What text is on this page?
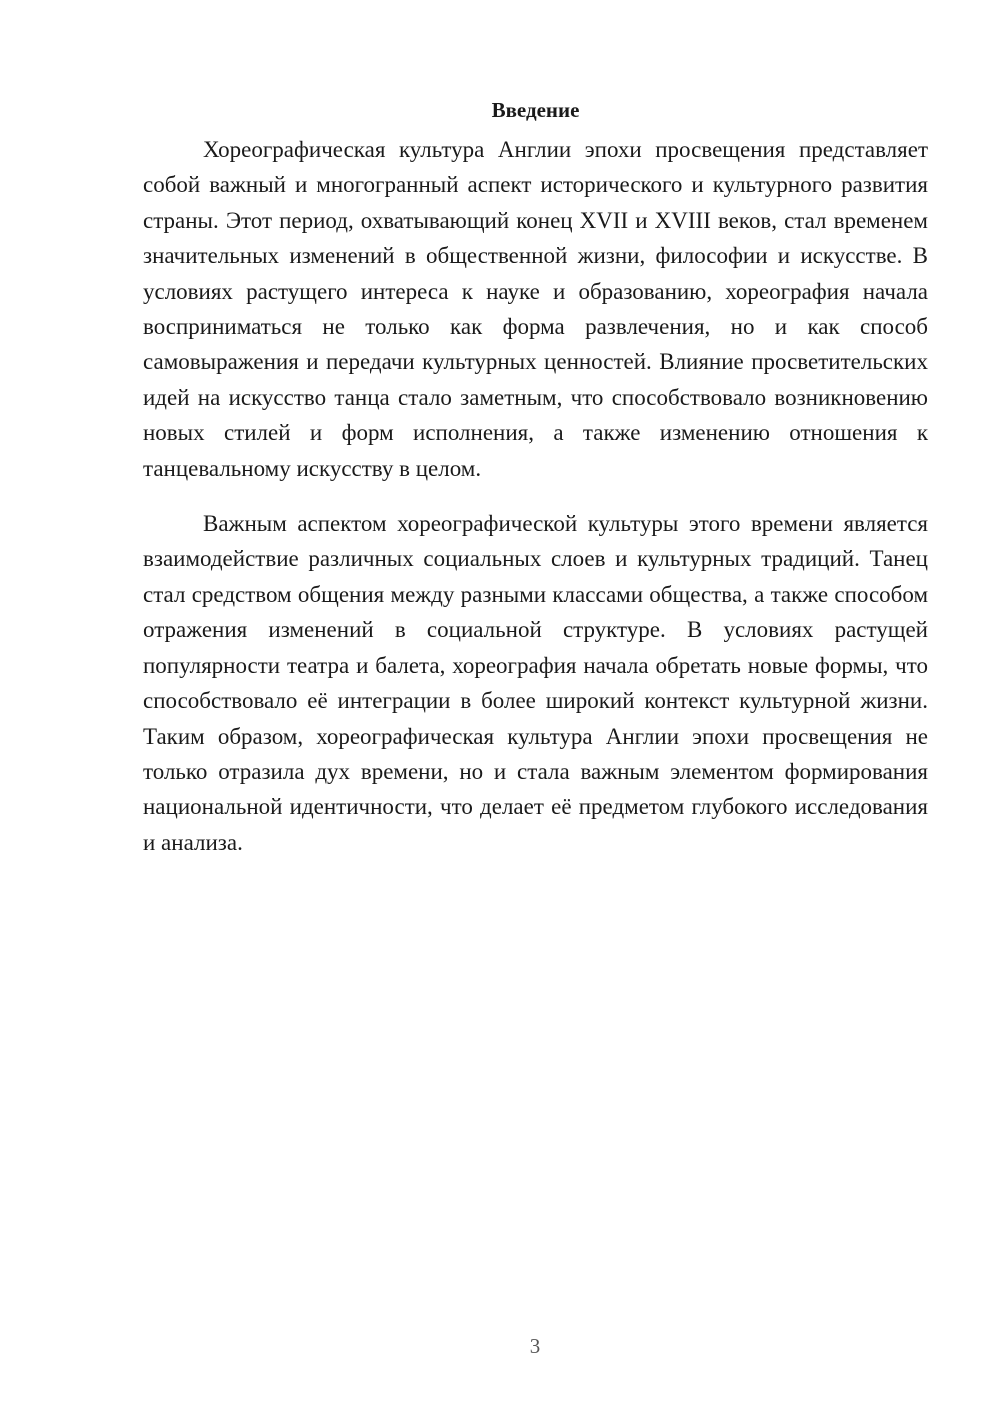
Введение

Хореографическая культура Англии эпохи просвещения представляет собой важный и многогранный аспект исторического и культурного развития страны. Этот период, охватывающий конец XVII и XVIII веков, стал временем значительных изменений в общественной жизни, философии и искусстве. В условиях растущего интереса к науке и образованию, хореография начала восприниматься не только как форма развлечения, но и как способ самовыражения и передачи культурных ценностей. Влияние просветительских идей на искусство танца стало заметным, что способствовало возникновению новых стилей и форм исполнения, а также изменению отношения к танцевальному искусству в целом.

Важным аспектом хореографической культуры этого времени является взаимодействие различных социальных слоев и культурных традиций. Танец стал средством общения между разными классами общества, а также способом отражения изменений в социальной структуре. В условиях растущей популярности театра и балета, хореография начала обретать новые формы, что способствовало её интеграции в более широкий контекст культурной жизни. Таким образом, хореографическая культура Англии эпохи просвещения не только отразила дух времени, но и стала важным элементом формирования национальной идентичности, что делает её предметом глубокого исследования и анализа.

3
